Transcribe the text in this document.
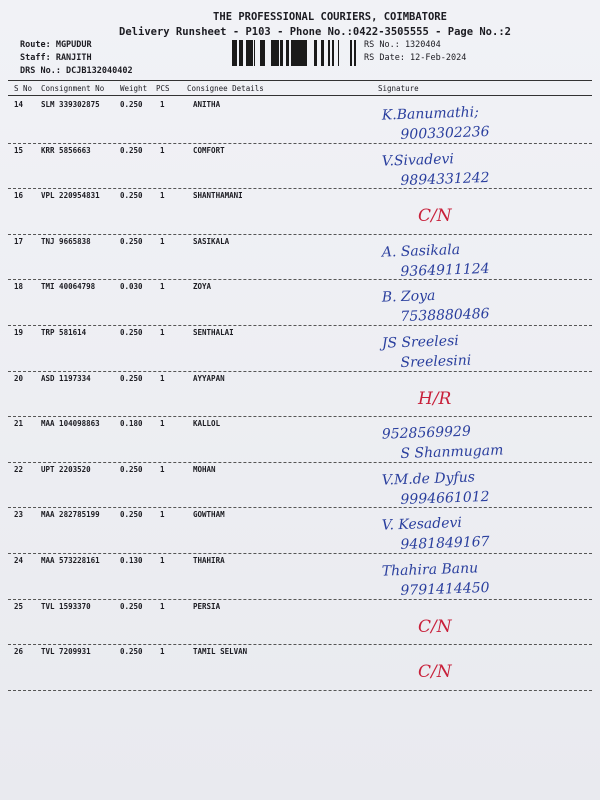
THE PROFESSIONAL COURIERS, COIMBATORE
Delivery Runsheet - P103 - Phone No.:0422-3505555 - Page No.:2
Route: MGPUDUR
Staff: RANJITH
DRS No.: DCJB132040402
RS No.: 1320404
RS Date: 12-Feb-2024
S No Consignment No Weight PCS Consignee Details	Signature
14 SLM 339302875	0.250 1	ANITHA	K.Banumathi;
9003302236
15 KRR 5856663	0.250 1	COMFORT
V.Sivadevi
9894331242
16 VPL 220954831	0.250 1	SHANTHAMANI
C/N
17 TNJ 9665838	0.250 1	SASIKALA
A. Sasikala
9364911124
18 TMI 40064798	0.030 1	ZOYA
B. Zoya
7538880486
19 TRP 581614	0.250 1	SENTHALAI
JS Sreelesi
Sreelesini
20 ASD 1197334	0.250 1	AYYAPAN
H/R
21 MAA 104098863	0.180 1	KALLOL
9528569929
S Shanmugam
22 UPT 2203520	0.250 1	MOHAN	V.M.de Dyfus
9994661012
23 MAA 282785199	0.250 1	GOWTHAM
V. Kesadevi
9481849167
24 MAA 573228161	0.130 1	THAHIRA	Thahira Banu
9791414450
25 TVL 1593370	0.250 1	PERSIA
C/N
26 TVL 7209931	0.250 1	TAMIL SELVAN
C/N
